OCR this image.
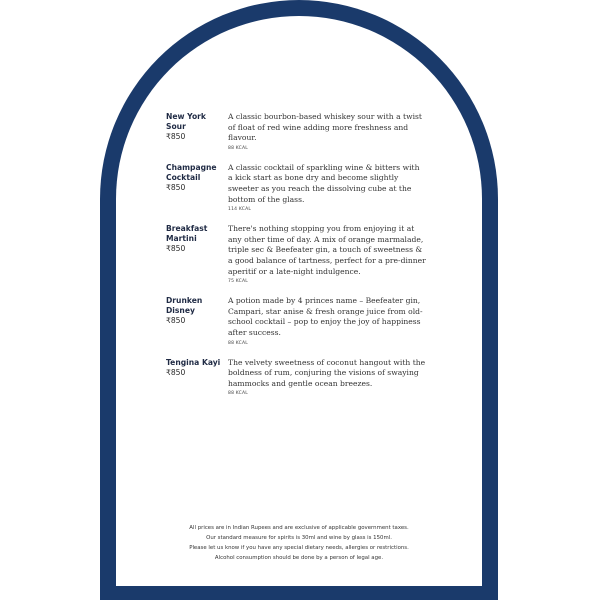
New York
Sour
₹850
A classic bourbon-based whiskey sour with a twist of float of red wine adding more freshness and flavour.
88 KCAL
Champagne
Cocktail
₹850
A classic cocktail of sparkling wine & bitters with a kick start as bone dry and become slightly sweeter as you reach the dissolving cube at the bottom of the glass.
114 KCAL
Breakfast
Martini
₹850
There's nothing stopping you from enjoying it at any other time of day. A mix of orange marmalade, triple sec & Beefeater gin, a touch of sweetness & a good balance of tartness, perfect for a pre-dinner aperitif or a late-night indulgence.
75 KCAL
Drunken
Disney
₹850
A potion made by 4 princes name – Beefeater gin, Campari, star anise & fresh orange juice from old-school cocktail – pop to enjoy the joy of happiness after success.
88 KCAL
Tengina Kayi
₹850
The velvety sweetness of coconut hangout with the boldness of rum, conjuring the visions of swaying hammocks and gentle ocean breezes.
88 KCAL
All prices are in Indian Rupees and are exclusive of applicable government taxes.
Our standard measure for spirits is 30ml and wine by glass is 150ml.
Please let us know if you have any special dietary needs, allergies or restrictions.
Alcohol consumption should be done by a person of legal age.
